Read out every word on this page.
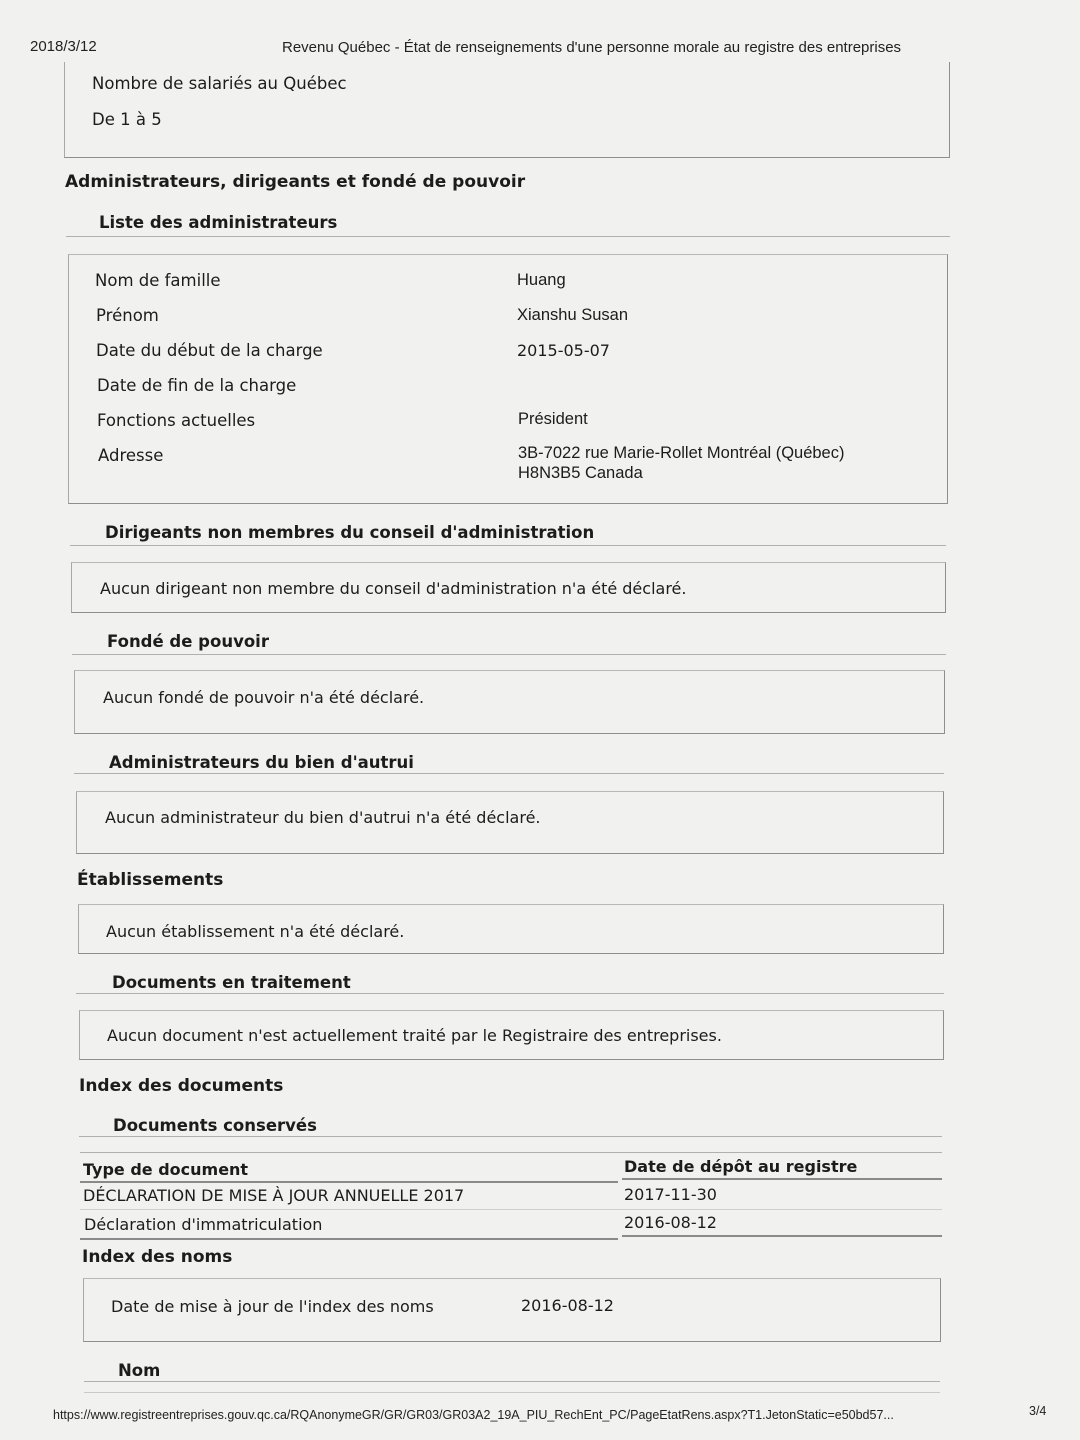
2018/3/12	Revenu Québec - État de renseignements d'une personne morale au registre des entreprises
Nombre de salariés au Québec
De 1 à 5
Administrateurs, dirigeants et fondé de pouvoir
Liste des administrateurs
Nom de famille	Huang
Prénom	Xianshu Susan
Date du début de la charge	2015-05-07
Date de fin de la charge
Fonctions actuelles	Président
Adresse	3B-7022 rue Marie-Rollet Montréal (Québec)
H8N3B5 Canada
Dirigeants non membres du conseil d'administration
Aucun dirigeant non membre du conseil d'administration n'a été déclaré.
Fondé de pouvoir
Aucun fondé de pouvoir n'a été déclaré.
Administrateurs du bien d'autrui
Aucun administrateur du bien d'autrui n'a été déclaré.
Établissements
Aucun établissement n'a été déclaré.
Documents en traitement
Aucun document n'est actuellement traité par le Registraire des entreprises.
Index des documents
Documents conservés
Type de document	Date de dépôt au registre
DÉCLARATION DE MISE À JOUR ANNUELLE 2017	2017-11-30
Déclaration d'immatriculation	2016-08-12
Index des noms
Date de mise à jour de l'index des noms	2016-08-12
Nom
https://www.registreentreprises.gouv.qc.ca/RQAnonymeGR/GR/GR03/GR03A2_19A_PIU_RechEnt_PC/PageEtatRens.aspx?T1.JetonStatic=e50bd57...	3/4
